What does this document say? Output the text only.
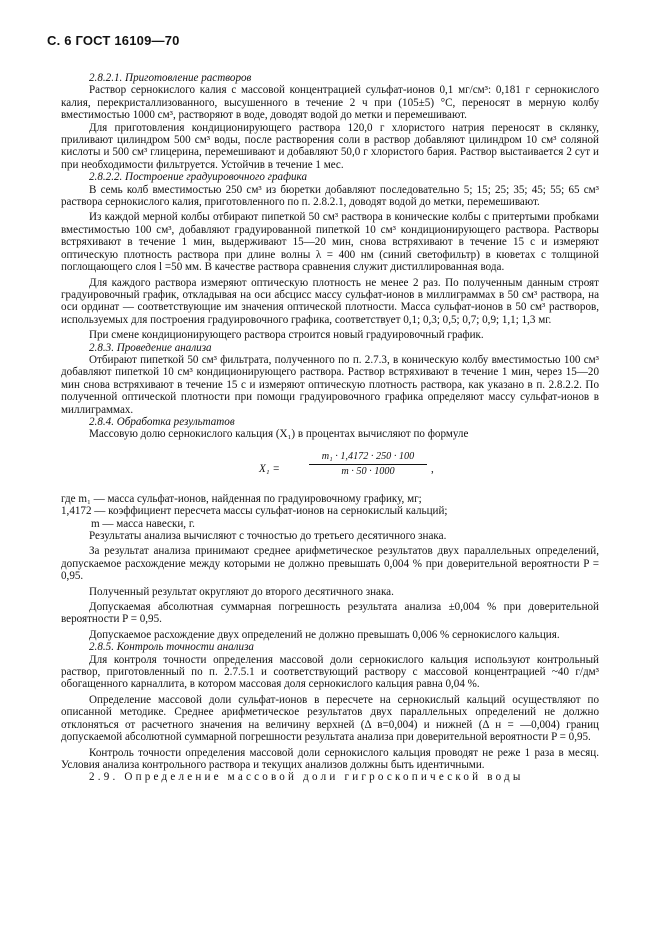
С. 6 ГОСТ 16109—70

2.8.2.1. Приготовление растворов

Раствор сернокислого калия с массовой концентрацией сульфат-ионов 0,1 мг/см³: 0,181 г сернокислого калия, перекристаллизованного, высушенного в течение 2 ч при (105±5) °С, переносят в мерную колбу вместимостью 1000 см³, растворяют в воде, доводят водой до метки и перемешивают.

Для приготовления кондиционирующего раствора 120,0 г хлористого натрия переносят в склянку, приливают цилиндром 500 см³ воды, после растворения соли в раствор добавляют цилиндром 10 см³ соляной кислоты и 500 см³ глицерина, перемешивают и добавляют 50,0 г хлористого бария. Раствор выстаивается 2 сут и при необходимости фильтруется. Устойчив в течение 1 мес.

2.8.2.2. Построение градуировочного графика

В семь колб вместимостью 250 см³ из бюретки добавляют последовательно 5; 15; 25; 35; 45; 55; 65 см³ раствора сернокислого калия, приготовленного по п. 2.8.2.1, доводят водой до метки, перемешивают.

Из каждой мерной колбы отбирают пипеткой 50 см³ раствора в конические колбы с притертыми пробками вместимостью 100 см³, добавляют градуированной пипеткой 10 см³ кондиционирующего раствора. Растворы встряхивают в течение 1 мин, выдерживают 15—20 мин, снова встряхивают в течение 15 с и измеряют оптическую плотность раствора при длине волны λ = 400 нм (синий светофильтр) в кюветах с толщиной поглощающего слоя l =50 мм. В качестве раствора сравнения служит дистиллированная вода.

Для каждого раствора измеряют оптическую плотность не менее 2 раз. По полученным данным строят градуировочный график, откладывая на оси абсцисс массу сульфат-ионов в миллиграммах в 50 см³ раствора, на оси ординат — соответствующие им значения оптической плотности. Масса сульфат-ионов в 50 см³ растворов, используемых для построения градуировочного графика, соответствует 0,1; 0,3; 0,5; 0,7; 0,9; 1,1; 1,3 мг.

При смене кондиционирующего раствора строится новый градуировочный график.

2.8.3. Проведение анализа

Отбирают пипеткой 50 см³ фильтрата, полученного по п. 2.7.3, в коническую колбу вместимостью 100 см³ добавляют пипеткой 10 см³ кондиционирующего раствора. Раствор встряхивают в течение 1 мин, через 15—20 мин снова встряхивают в течение 15 с и измеряют оптическую плотность раствора, как указано в п. 2.8.2.2. По полученной оптической плотности при помощи градуировочного графика определяют массу сульфат-ионов в миллиграммах.

2.8.4. Обработка результатов

Массовую долю сернокислого кальция (X₁) в процентах вычисляют по формуле

X₁ =
m₁ · 1,4172 · 250 · 100
m · 50 · 1000	,

где m₁ — масса сульфат-ионов, найденная по градуировочному графику, мг;

1,4172 — коэффициент пересчета массы сульфат-ионов на сернокислый кальций;

m — масса навески, г.

Результаты анализа вычисляют с точностью до третьего десятичного знака.

За результат анализа принимают среднее арифметическое результатов двух параллельных определений, допускаемое расхождение между которыми не должно превышать 0,004 % при доверительной вероятности P = 0,95.

Полученный результат округляют до второго десятичного знака.

Допускаемая абсолютная суммарная погрешность результата анализа ±0,004 % при доверительной вероятности P = 0,95.

Допускаемое расхождение двух определений не должно превышать 0,006 % сернокислого кальция.

2.8.5. Контроль точности анализа

Для контроля точности определения массовой доли сернокислого кальция используют контрольный раствор, приготовленный по п. 2.7.5.1 и соответствующий раствору с массовой концентрацией ~40 г/дм³ обогащенного карналлита, в котором массовая доля сернокислого кальция равна 0,04 %.

Определение массовой доли сульфат-ионов в пересчете на сернокислый кальций осуществляют по описанной методике. Среднее арифметическое результатов двух параллельных определений не должно отклоняться от расчетного значения на величину верхней (Δ в=0,004) и нижней (Δ н = —0,004) границ допускаемой абсолютной суммарной погрешности результата анализа при доверительной вероятности P = 0,95.

Контроль точности определения массовой доли сернокислого кальция проводят не реже 1 раза в месяц. Условия анализа контрольного раствора и текущих анализов должны быть идентичными.

2.9. Определение массовой доли гигроскопической воды
